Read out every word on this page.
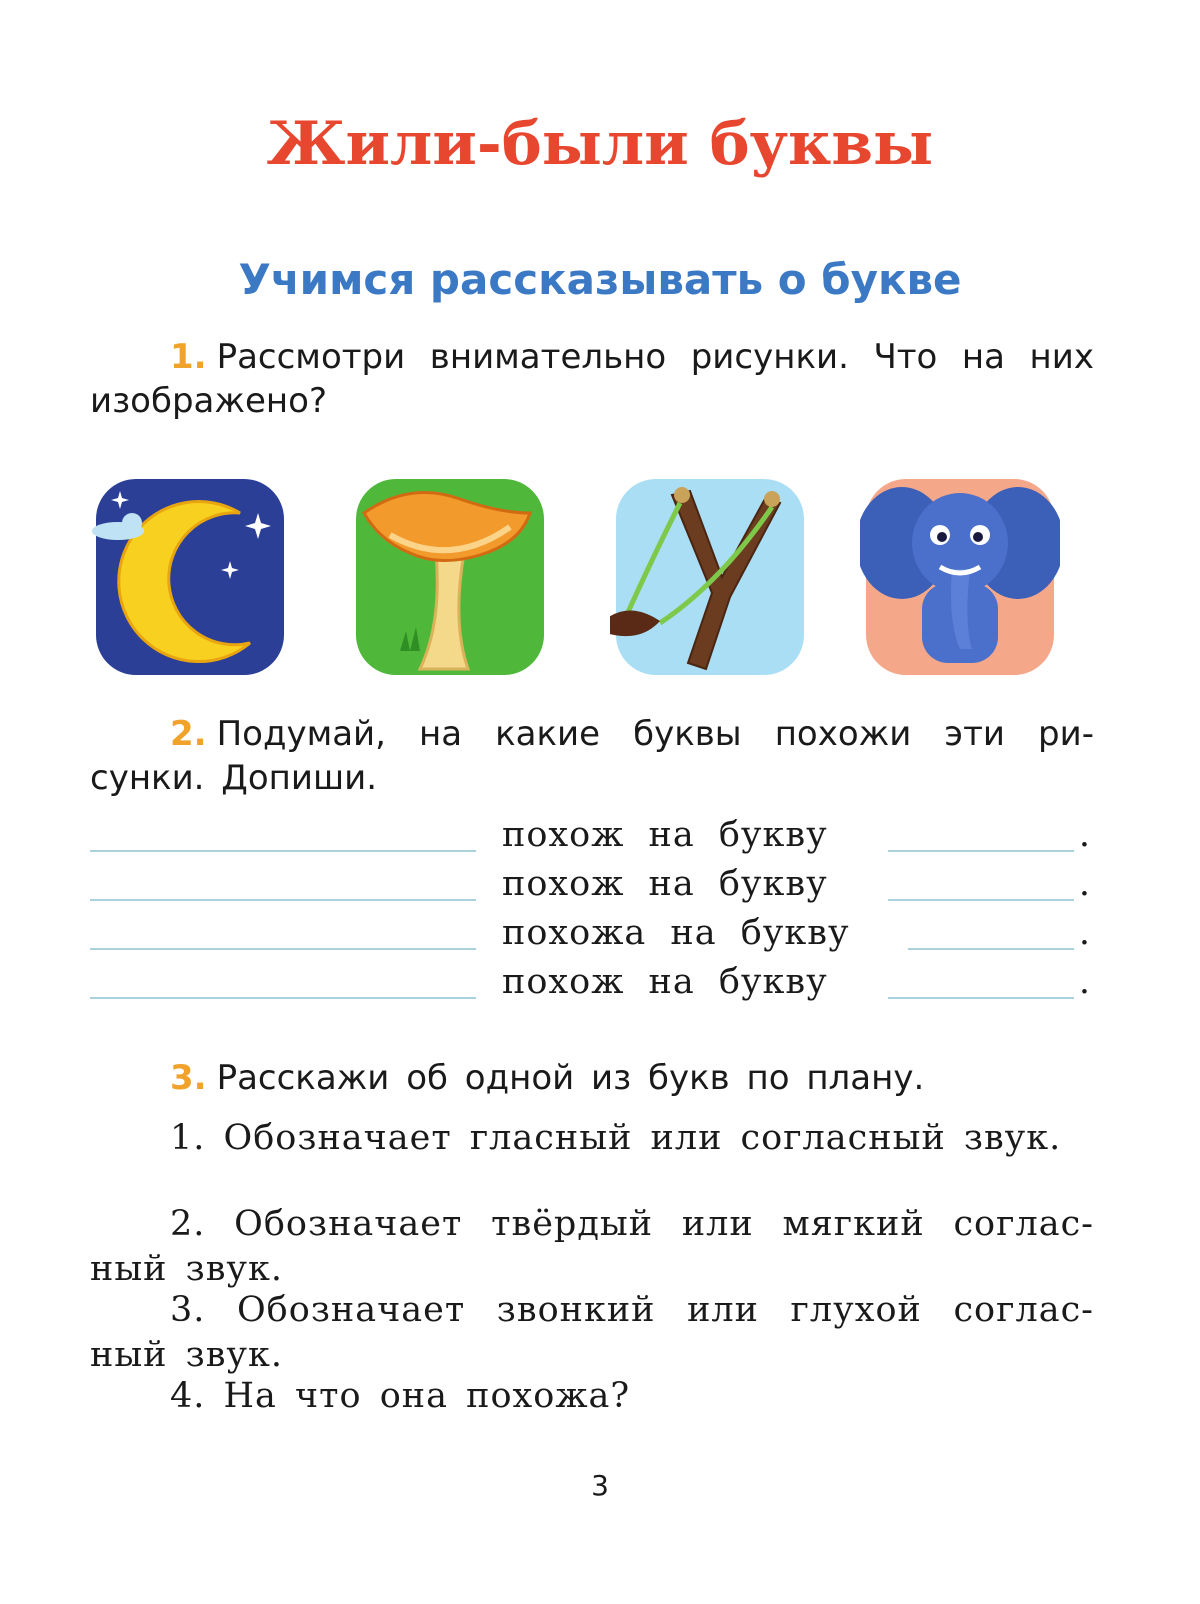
Жили-были буквы
Учимся рассказывать о букве
1. Рассмотри внимательно рисунки. Что на них изображено?
2. Подумай, на какие буквы похожи эти ри-сунки. Допиши.
похож на букву	.
похож на букву	.
похожа на букву	.
похож на букву	.
3. Расскажи об одной из букв по плану.
1. Обозначает гласный или согласный звук.
2. Обозначает твёрдый или мягкий соглас-ный звук.
3. Обозначает звонкий или глухой соглас-ный звук.
4. На что она похожа?
3
